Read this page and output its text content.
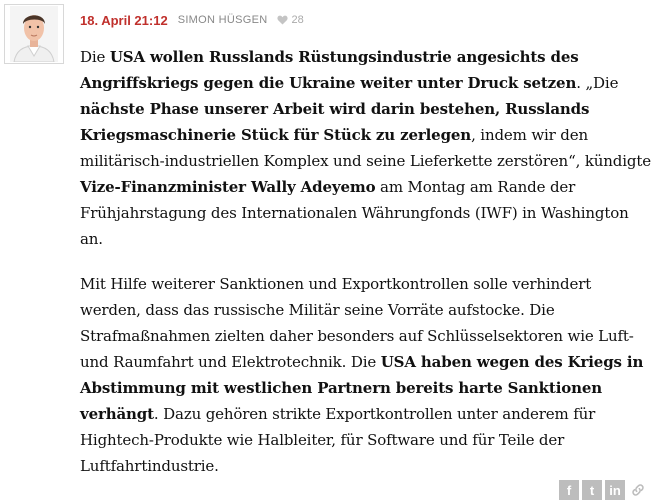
18. April 21:12 SIMON HÜSGEN 28

Die USA wollen Russlands Rüstungsindustrie angesichts des Angriffskriegs gegen die Ukraine weiter unter Druck setzen. „Die nächste Phase unserer Arbeit wird darin bestehen, Russlands Kriegsmaschinerie Stück für Stück zu zerlegen, indem wir den militärisch-industriellen Komplex und seine Lieferkette zerstören“, kündigte Vize-Finanzminister Wally Adeyemo am Montag am Rande der Frühjahrstagung des Internationalen Währungfonds (IWF) in Washington an.

Mit Hilfe weiterer Sanktionen und Exportkontrollen solle verhindert werden, dass das russische Militär seine Vorräte aufstocke. Die Strafmaßnahmen zielten daher besonders auf Schlüsselsektoren wie Luft- und Raumfahrt und Elektrotechnik. Die USA haben wegen des Kriegs in Abstimmung mit westlichen Partnern bereits harte Sanktionen verhängt. Dazu gehören strikte Exportkontrollen unter anderem für Hightech-Produkte wie Halbleiter, für Software und für Teile der Luftfahrtindustrie.

f	t	in
